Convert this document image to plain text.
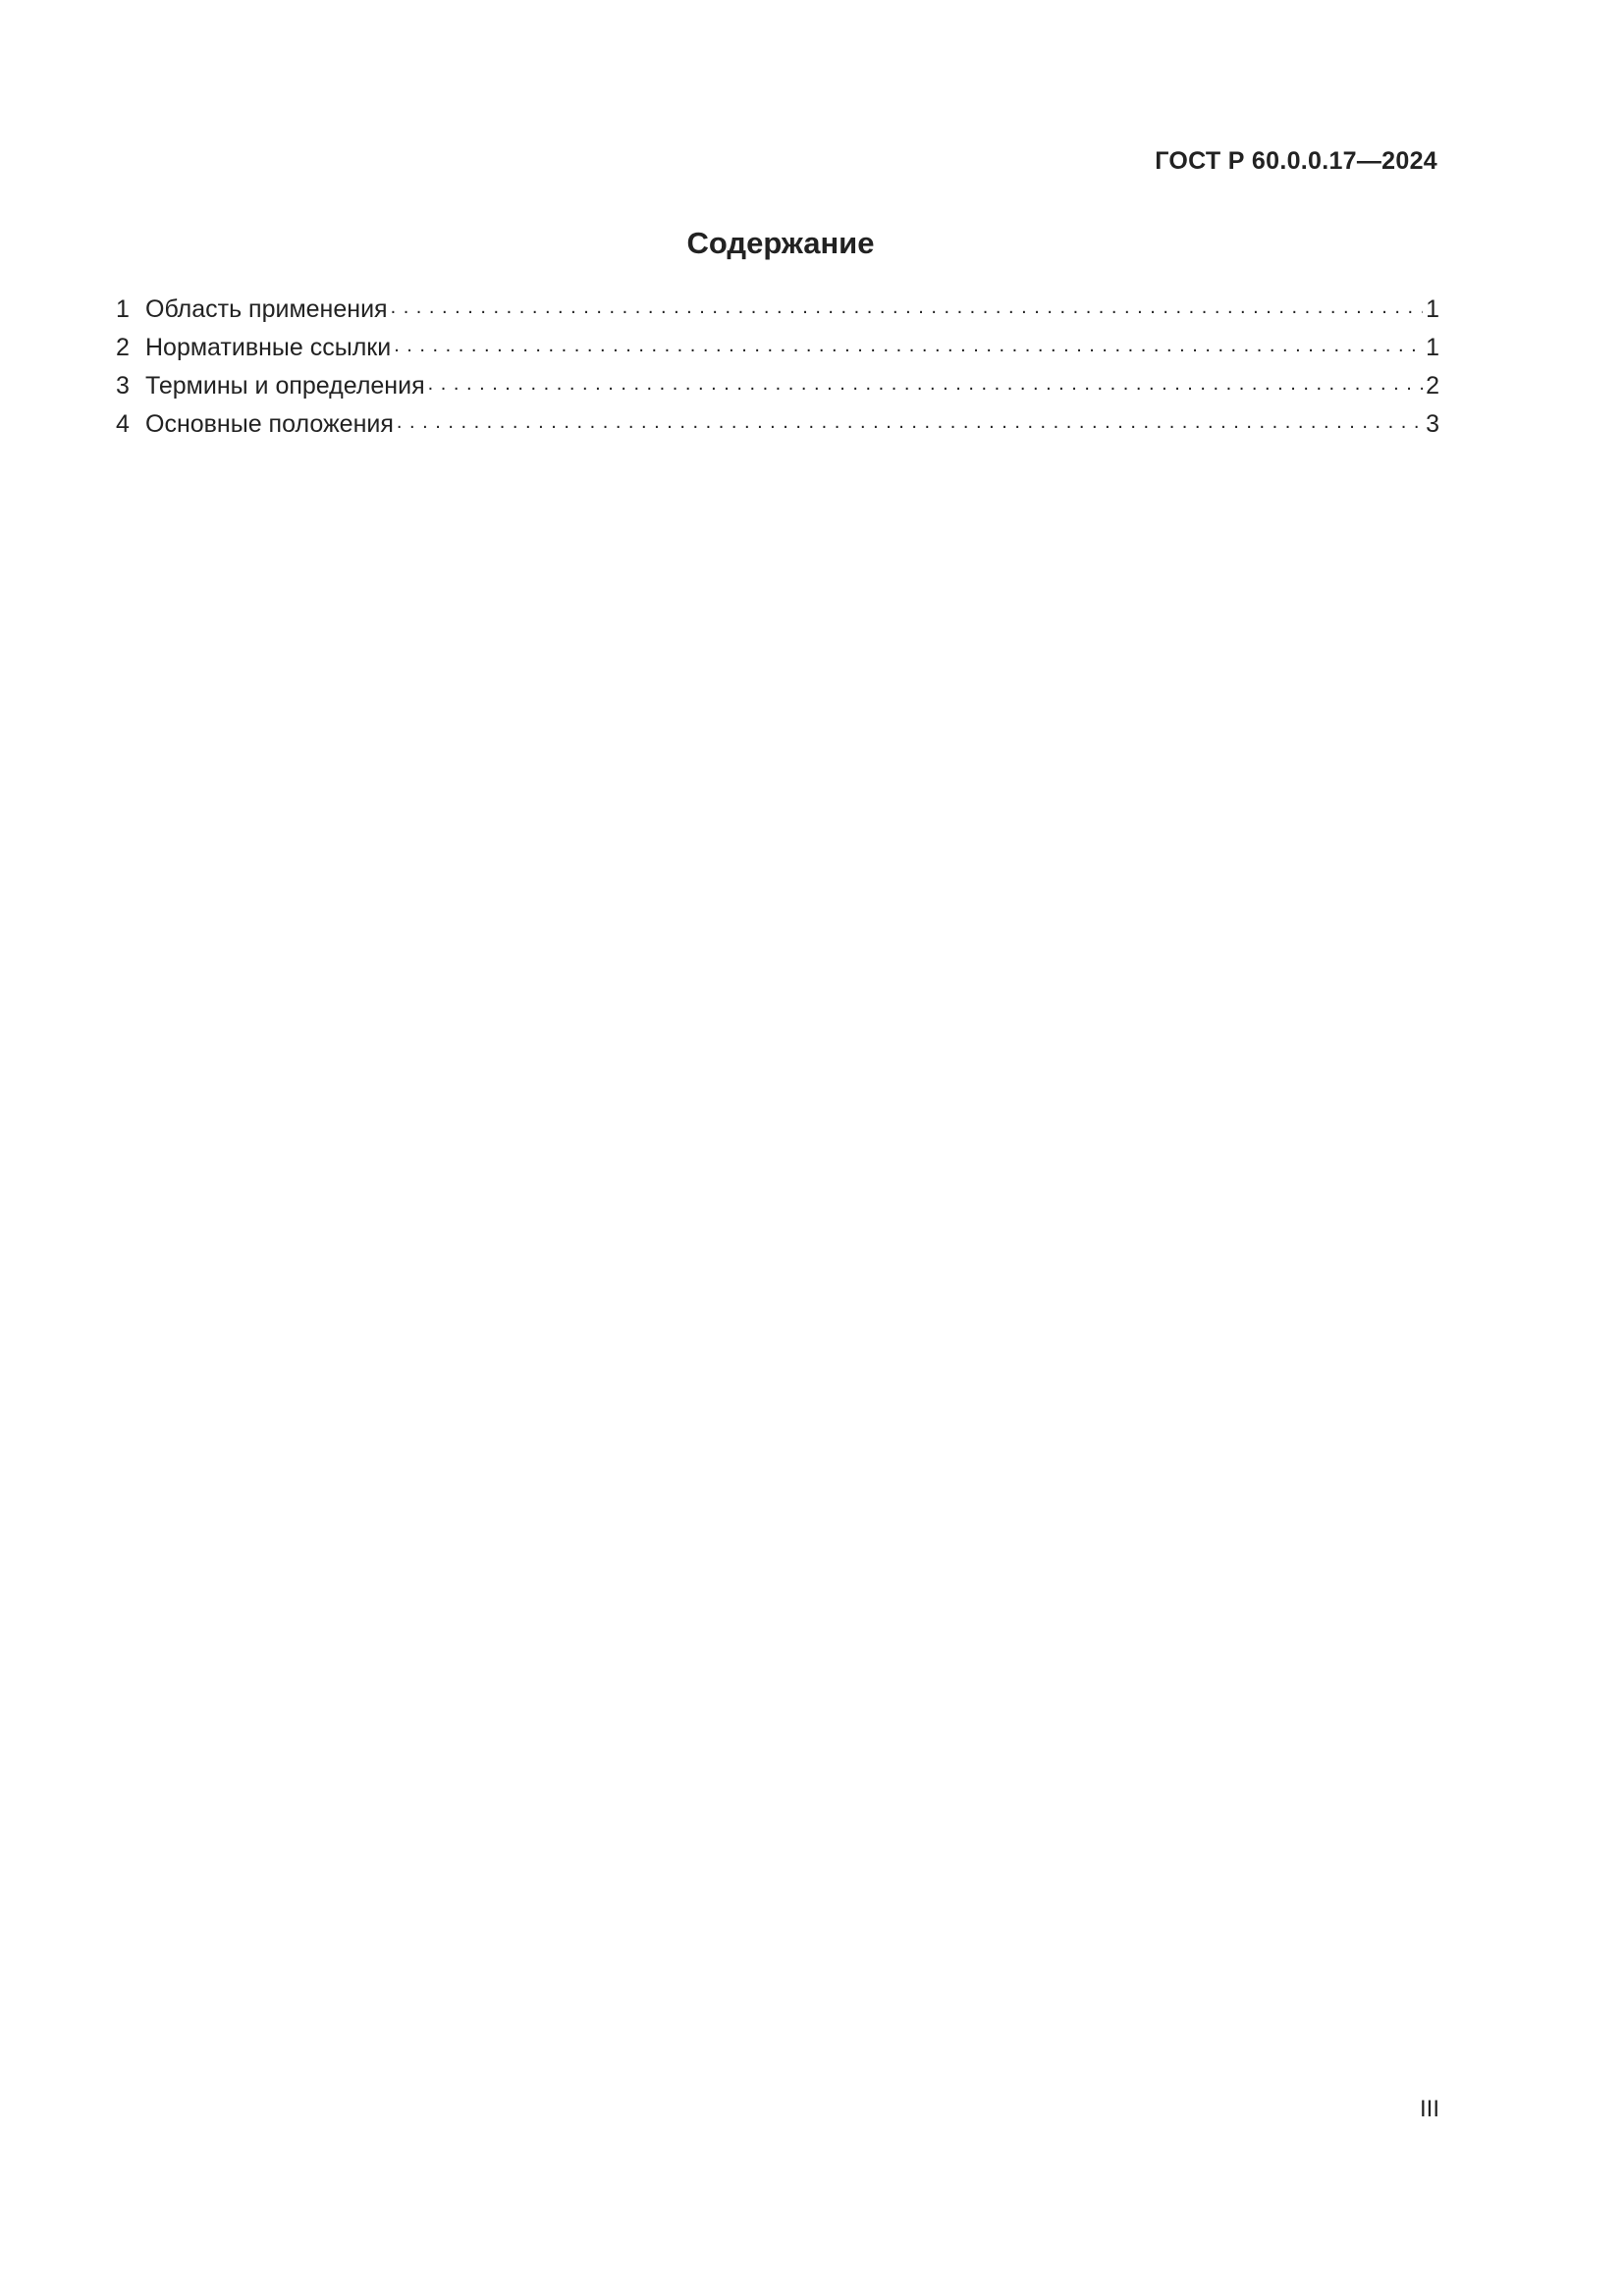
ГОСТ Р 60.0.0.17—2024
Содержание
1 Область применения . . .	1
2 Нормативные ссылки . . .	1
3 Термины и определения . . .	2
4 Основные положения . . .	3
III
